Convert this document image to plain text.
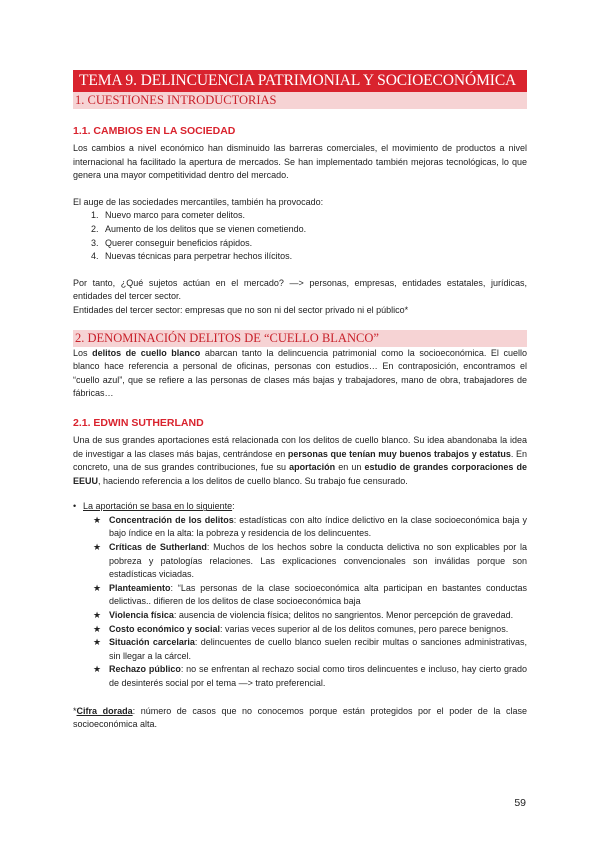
TEMA 9. DELINCUENCIA PATRIMONIAL Y SOCIOECONÓMICA
1. CUESTIONES INTRODUCTORIAS
1.1. CAMBIOS EN LA SOCIEDAD

Los cambios a nivel económico han disminuido las barreras comerciales, el movimiento de productos a nivel internacional ha facilitado la apertura de mercados. Se han implementado también mejoras tecnológicas, lo que genera una mayor competitividad dentro del mercado.

El auge de las sociedades mercantiles, también ha provocado:

1. Nuevo marco para cometer delitos.
2. Aumento de los delitos que se vienen cometiendo.
3. Querer conseguir beneficios rápidos.
4. Nuevas técnicas para perpetrar hechos ilícitos.

Por tanto, ¿Qué sujetos actúan en el mercado? —> personas, empresas, entidades estatales, jurídicas, entidades del tercer sector.

Entidades del tercer sector: empresas que no son ni del sector privado ni el público*

2. DENOMINACIÓN DELITOS DE “CUELLO BLANCO”

Los delitos de cuello blanco abarcan tanto la delincuencia patrimonial como la socioeconómica. El cuello blanco hace referencia a personal de oficinas, personas con estudios… En contraposición, encontramos el “cuello azul”, que se refiere a las personas de clases más bajas y trabajadores, mano de obra, trabajadores de fábricas…

2.1. EDWIN SUTHERLAND

Una de sus grandes aportaciones está relacionada con los delitos de cuello blanco. Su idea abandonaba la idea de investigar a las clases más bajas, centrándose en personas que tenían muy buenos trabajos y estatus. En concreto, una de sus grandes contribuciones, fue su aportación en un estudio de grandes corporaciones de EEUU, haciendo referencia a los delitos de cuello blanco. Su trabajo fue censurado.

• La aportación se basa en lo siguiente:
★ Concentración de los delitos: estadísticas con alto índice delictivo en la clase socioeconómica baja y bajo índice en la alta: la pobreza y residencia de los delincuentes.
★ Críticas de Sutherland: Muchos de los hechos sobre la conducta delictiva no son explicables por la pobreza y patologías relaciones. Las explicaciones convencionales son inválidas porque son estadísticas viciadas.
★ Planteamiento: “Las personas de la clase socioeconómica alta participan en bastantes conductas delictivas.. difieren de los delitos de clase socioeconómica baja
★ Violencia física: ausencia de violencia física; delitos no sangrientos. Menor percepción de gravedad.
★ Costo económico y social: varias veces superior al de los delitos comunes, pero parece benignos.
★ Situación carcelaria: delincuentes de cuello blanco suelen recibir multas o sanciones administrativas, sin llegar a la cárcel.
★ Rechazo público: no se enfrentan al rechazo social como tiros delincuentes e incluso, hay cierto grado de desinterés social por el tema —> trato preferencial.

*Cifra dorada: número de casos que no conocemos porque están protegidos por el poder de la clase socioeconómica alta.

59
